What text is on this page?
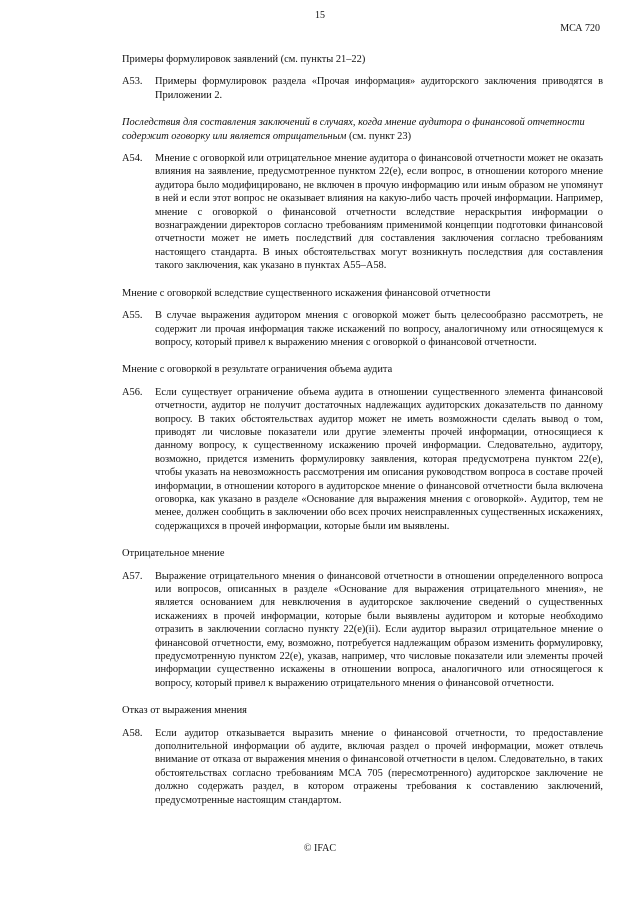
15
МСА 720
Примеры формулировок заявлений (см. пункты 21–22)
A53.	Примеры формулировок раздела «Прочая информация» аудиторского заключения приводятся в Приложении 2.
Последствия для составления заключений в случаях, когда мнение аудитора о финансовой отчетности содержит оговорку или является отрицательным (см. пункт 23)
A54.	Мнение с оговоркой или отрицательное мнение аудитора о финансовой отчетности может не оказать влияния на заявление, предусмотренное пунктом 22(e), если вопрос, в отношении которого мнение аудитора было модифицировано, не включен в прочую информацию или иным образом не упомянут в ней и если этот вопрос не оказывает влияния на какую-либо часть прочей информации. Например, мнение с оговоркой о финансовой отчетности вследствие нераскрытия информации о вознаграждении директоров согласно требованиям применимой концепции подготовки финансовой отчетности может не иметь последствий для составления заключения согласно требованиям настоящего стандарта. В иных обстоятельствах могут возникнуть последствия для составления такого заключения, как указано в пунктах A55–A58.
Мнение с оговоркой вследствие существенного искажения финансовой отчетности
A55.	В случае выражения аудитором мнения с оговоркой может быть целесообразно рассмотреть, не содержит ли прочая информация также искажений по вопросу, аналогичному или относящемуся к вопросу, который привел к выражению мнения с оговоркой о финансовой отчетности.
Мнение с оговоркой в результате ограничения объема аудита
A56.	Если существует ограничение объема аудита в отношении существенного элемента финансовой отчетности, аудитор не получит достаточных надлежащих аудиторских доказательств по данному вопросу. В таких обстоятельствах аудитор может не иметь возможности сделать вывод о том, приводят ли числовые показатели или другие элементы прочей информации, относящиеся к данному вопросу, к существенному искажению прочей информации. Следовательно, аудитору, возможно, придется изменить формулировку заявления, которая предусмотрена пунктом 22(e), чтобы указать на невозможность рассмотрения им описания руководством вопроса в составе прочей информации, в отношении которого в аудиторское мнение о финансовой отчетности была включена оговорка, как указано в разделе «Основание для выражения мнения с оговоркой». Аудитор, тем не менее, должен сообщить в заключении обо всех прочих неисправленных существенных искажениях, содержащихся в прочей информации, которые были им выявлены.
Отрицательное мнение
A57.	Выражение отрицательного мнения о финансовой отчетности в отношении определенного вопроса или вопросов, описанных в разделе «Основание для выражения отрицательного мнения», не является основанием для невключения в аудиторское заключение сведений о существенных искажениях в прочей информации, которые были выявлены аудитором и которые необходимо отразить в заключении согласно пункту 22(e)(ii). Если аудитор выразил отрицательное мнение о финансовой отчетности, ему, возможно, потребуется надлежащим образом изменить формулировку, предусмотренную пунктом 22(e), указав, например, что числовые показатели или элементы прочей информации существенно искажены в отношении вопроса, аналогичного или относящегося к вопросу, который привел к выражению отрицательного мнения о финансовой отчетности.
Отказ от выражения мнения
A58.	Если аудитор отказывается выразить мнение о финансовой отчетности, то предоставление дополнительной информации об аудите, включая раздел о прочей информации, может отвлечь внимание от отказа от выражения мнения о финансовой отчетности в целом. Следовательно, в таких обстоятельствах согласно требованиям МСА 705 (пересмотренного) аудиторское заключение не должно содержать раздел, в котором отражены требования к составлению заключений, предусмотренные настоящим стандартом.
© IFAC
